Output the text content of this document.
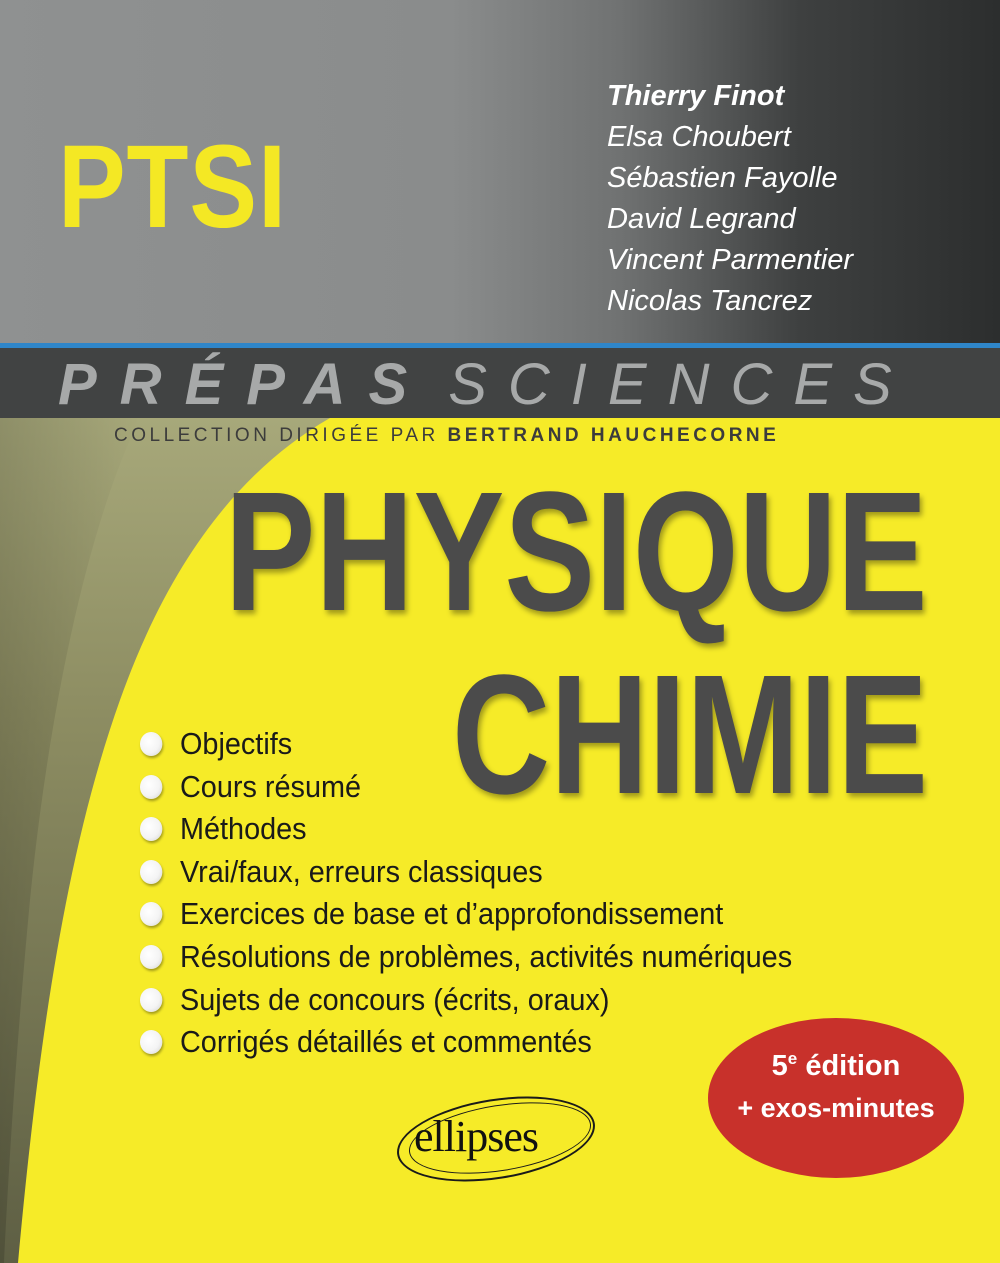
PTSI
Thierry Finot
Elsa Choubert
Sébastien Fayolle
David Legrand
Vincent Parmentier
Nicolas Tancrez
PRÉPAS SCIENCES
COLLECTION DIRIGÉE PAR BERTRAND HAUCHECORNE
PHYSIQUE
CHIMIE
Objectifs
Cours résumé
Méthodes
Vrai/faux, erreurs classiques
Exercices de base et d’approfondissement
Résolutions de problèmes, activités numériques
Sujets de concours (écrits, oraux)
Corrigés détaillés et commentés
5e édition
+ exos-minutes
ellipses
